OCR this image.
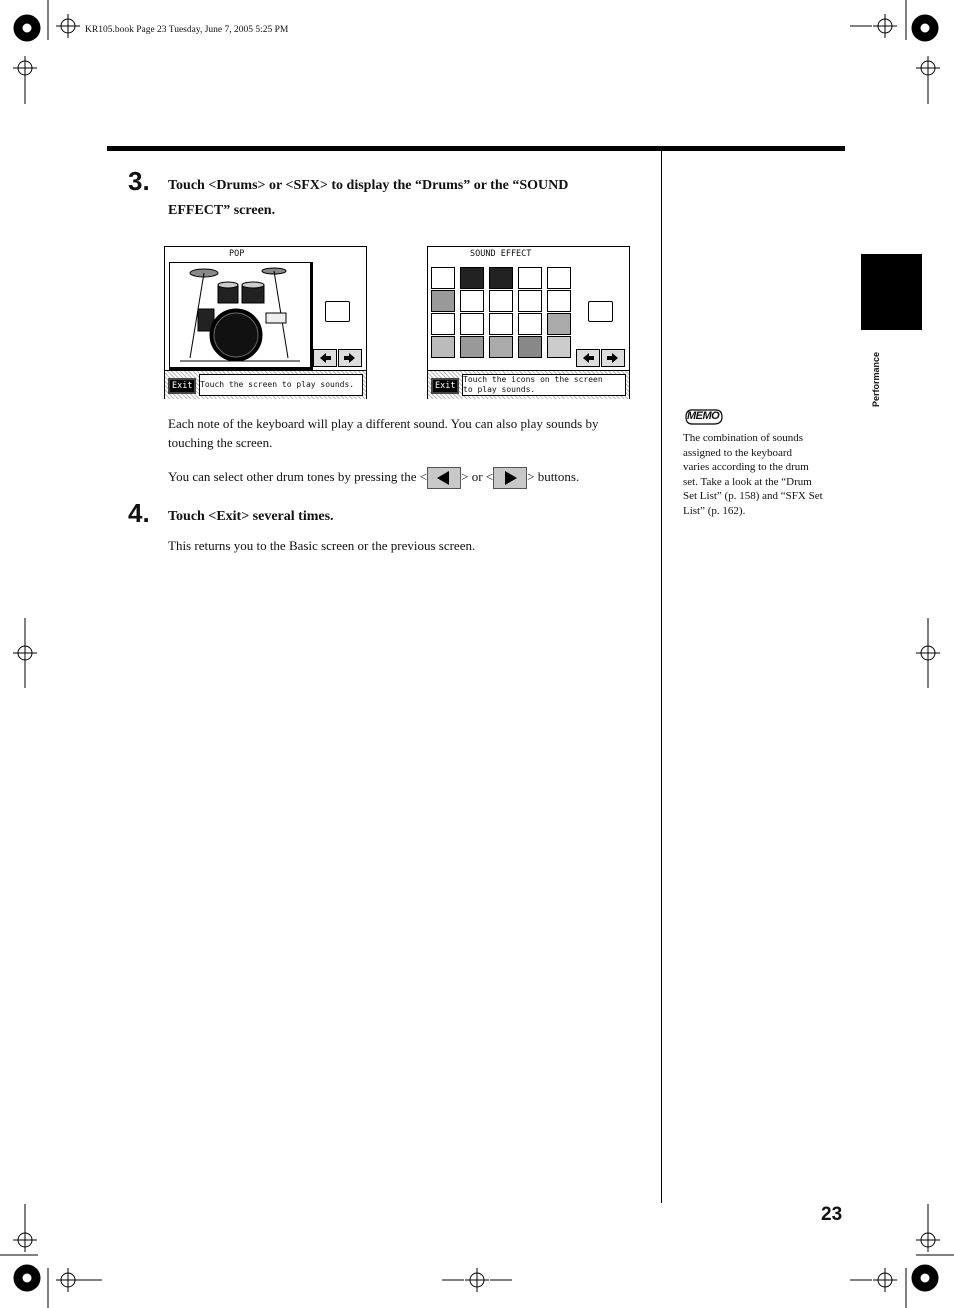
KR105.book Page 23 Tuesday, June 7, 2005 5:25 PM
Performance
3. Touch <Drums> or <SFX> to display the “Drums” or the “SOUND
EFFECT” screen.
POP
Exit Touch the screen to play sounds.
SOUND EFFECT
Exit
Touch the icons on the screen
to play sounds.
Each note of the keyboard will play a different sound. You can also play sounds by
touching the screen.
You can select other drum tones by pressing the <	> or <	> buttons.
4. Touch <Exit> several times.
This returns you to the Basic screen or the previous screen.
MEMO
The combination of sounds
assigned to the keyboard
varies according to the drum
set. Take a look at the “Drum
Set List” (p. 158) and “SFX Set
List” (p. 162).
23
